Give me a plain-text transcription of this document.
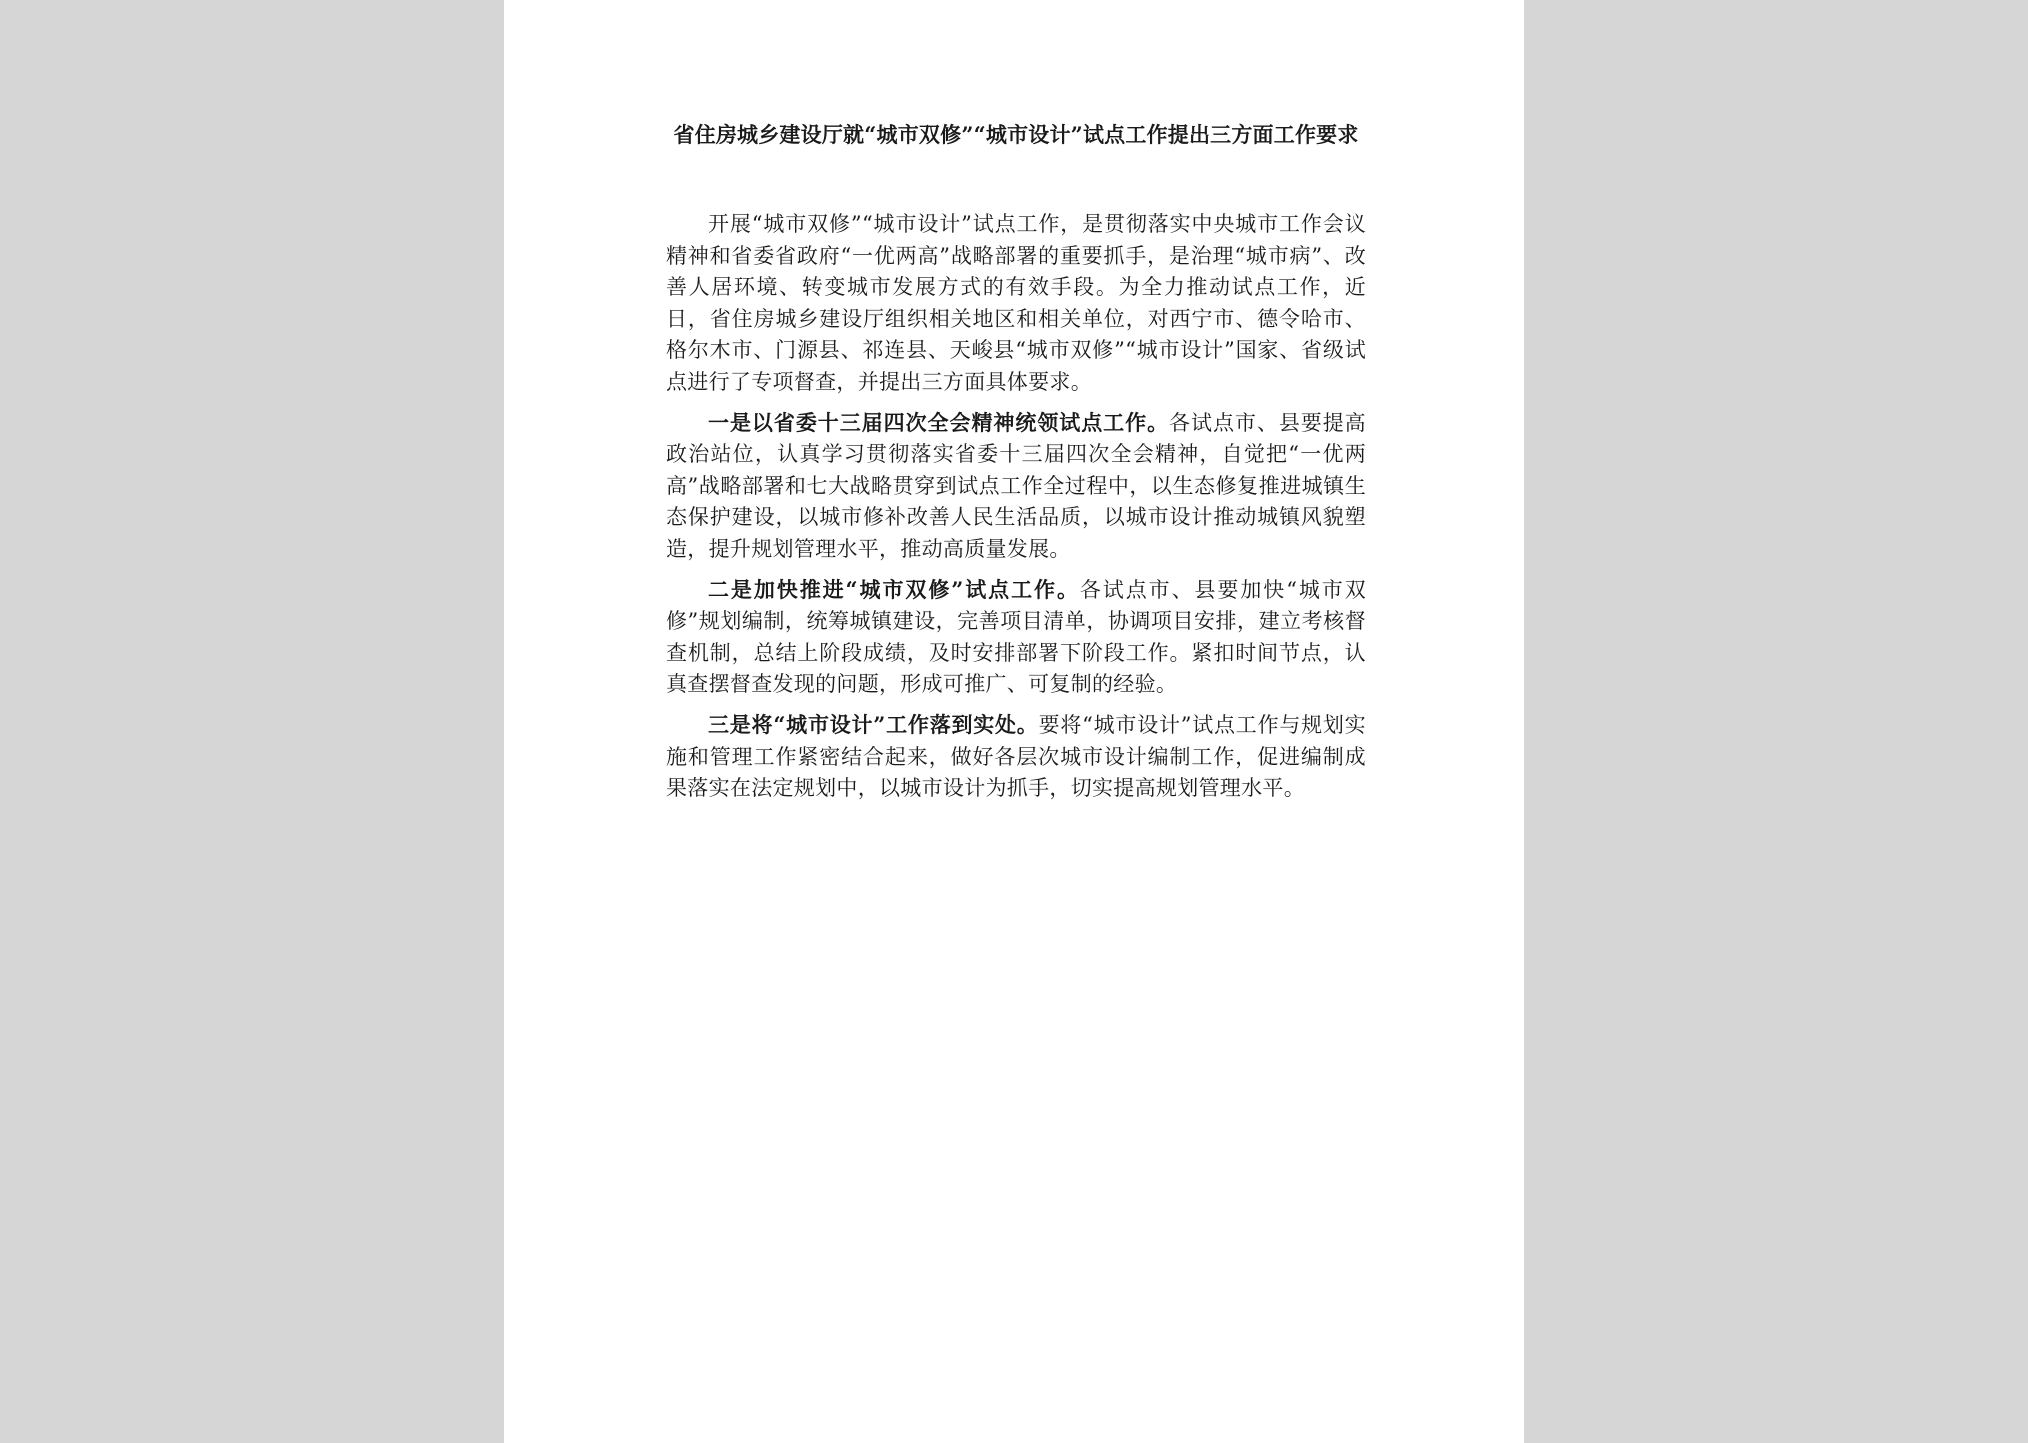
省住房城乡建设厅就“城市双修”“城市设计”试点工作提出三方面工作要求

开展“城市双修”“城市设计”试点工作，是贯彻落实中央城市工作会议精神和省委省政府“一优两高”战略部署的重要抓手，是治理“城市病”、改善人居环境、转变城市发展方式的有效手段。为全力推动试点工作，近日，省住房城乡建设厅组织相关地区和相关单位，对西宁市、德令哈市、格尔木市、门源县、祁连县、天峻县“城市双修”“城市设计”国家、省级试点进行了专项督查，并提出三方面具体要求。

一是以省委十三届四次全会精神统领试点工作。各试点市、县要提高政治站位，认真学习贯彻落实省委十三届四次全会精神，自觉把“一优两高”战略部署和七大战略贯穿到试点工作全过程中，以生态修复推进城镇生态保护建设，以城市修补改善人民生活品质，以城市设计推动城镇风貌塑造，提升规划管理水平，推动高质量发展。

二是加快推进“城市双修”试点工作。各试点市、县要加快“城市双修”规划编制，统筹城镇建设，完善项目清单，协调项目安排，建立考核督查机制，总结上阶段成绩，及时安排部署下阶段工作。紧扣时间节点，认真查摆督查发现的问题，形成可推广、可复制的经验。

三是将“城市设计”工作落到实处。要将“城市设计”试点工作与规划实施和管理工作紧密结合起来，做好各层次城市设计编制工作，促进编制成果落实在法定规划中，以城市设计为抓手，切实提高规划管理水平。
